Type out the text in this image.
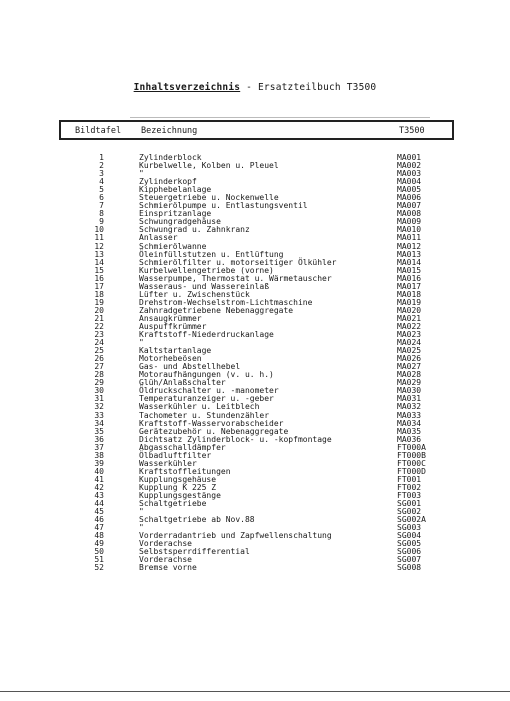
Inhaltsverzeichnis - Ersatzteilbuch T3500
Bildtafel Bezeichnung	T3500
1	Zylinderblock	MA001
2	Kurbelwelle, Kolben u. Pleuel	MA002
3	"	MA003
4	Zylinderkopf	MA004
5	Kipphebelanlage	MA005
6	Steuergetriebe u. Nockenwelle	MA006
7	Schmierölpumpe u. Entlastungsventil	MA007
8	Einspritzanlage	MA008
9	Schwungradgehäuse	MA009
10	Schwungrad u. Zahnkranz	MA010
11	Anlasser	MA011
12	Schmierölwanne	MA012
13	Öleinfüllstutzen u. Entlüftung	MA013
14	Schmierölfilter u. motorseitiger Ölkühler	MA014
15	Kurbelwellengetriebe (vorne)	MA015
16	Wasserpumpe, Thermostat u. Wärmetauscher	MA016
17	Wasseraus- und Wassereinlaß	MA017
18	Lüfter u. Zwischenstück	MA018
19	Drehstrom-Wechselstrom-Lichtmaschine	MA019
20	Zahnradgetriebene Nebenaggregate	MA020
21	Ansaugkrümmer	MA021
22	Auspuffkrümmer	MA022
23	Kraftstoff-Niederdruckanlage	MA023
24	"	MA024
25	Kaltstartanlage	MA025
26	Motorhebeösen	MA026
27	Gas- und Abstellhebel	MA027
28	Motoraufhängungen (v. u. h.)	MA028
29	Glüh/Anlaßschalter	MA029
30	Öldruckschalter u. -manometer	MA030
31	Temperaturanzeiger u. -geber	MA031
32	Wasserkühler u. Leitblech	MA032
33	Tachometer u. Stundenzähler	MA033
34	Kraftstoff-Wasservorabscheider	MA034
35	Gerätezubehör u. Nebenaggregate	MA035
36	Dichtsatz Zylinderblock- u. -kopfmontage	MA036
37	Abgasschalldämpfer	FT000A
38	Ölbadluftfilter	FT000B
39	Wasserkühler	FT000C
40	Kraftstoffleitungen	FT000D
41	Kupplungsgehäuse	FT001
42	Kupplung K 225 Z	FT002
43	Kupplungsgestänge	FT003
44	Schaltgetriebe	SG001
45	"	SG002
46	Schaltgetriebe ab Nov.88	SG002A
47	"	SG003
48	Vorderradantrieb und Zapfwellenschaltung	SG004
49	Vorderachse	SG005
50	Selbstsperrdifferential	SG006
51	Vorderachse	SG007
52	Bremse vorne	SG008
